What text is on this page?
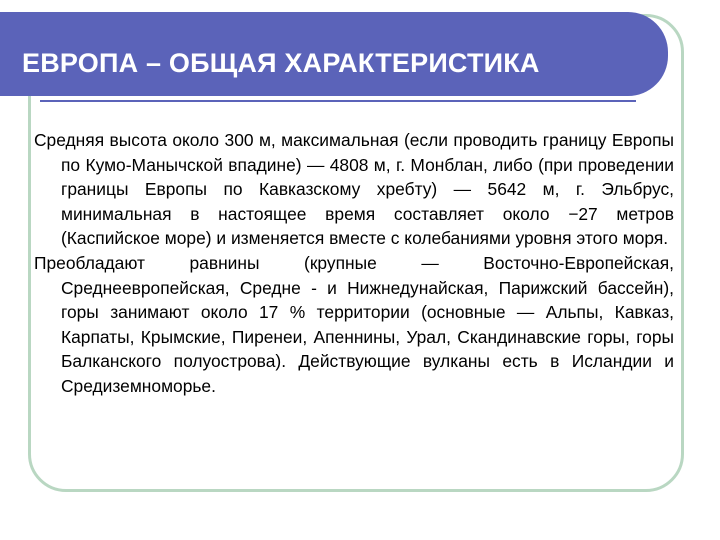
ЕВРОПА – ОБЩАЯ ХАРАКТЕРИСТИКА

Средняя высота около 300 м, максимальная (если проводить границу Европы по Кумо-Манычской впадине) — 4808 м, г. Монблан, либо (при проведении границы Европы по Кавказскому хребту) — 5642 м, г. Эльбрус, минимальная в настоящее время составляет около −27 метров (Каспийское море) и изменяется вместе с колебаниями уровня этого моря.

Преобладают равнины (крупные — Восточно-Европейская, Среднеевропейская, Средне - и Нижнедунайская, Парижский бассейн), горы занимают около 17 % территории (основные — Альпы, Кавказ, Карпаты, Крымские, Пиренеи, Апеннины, Урал, Скандинавские горы, горы Балканского полуострова). Действующие вулканы есть в Исландии и Средиземноморье.
